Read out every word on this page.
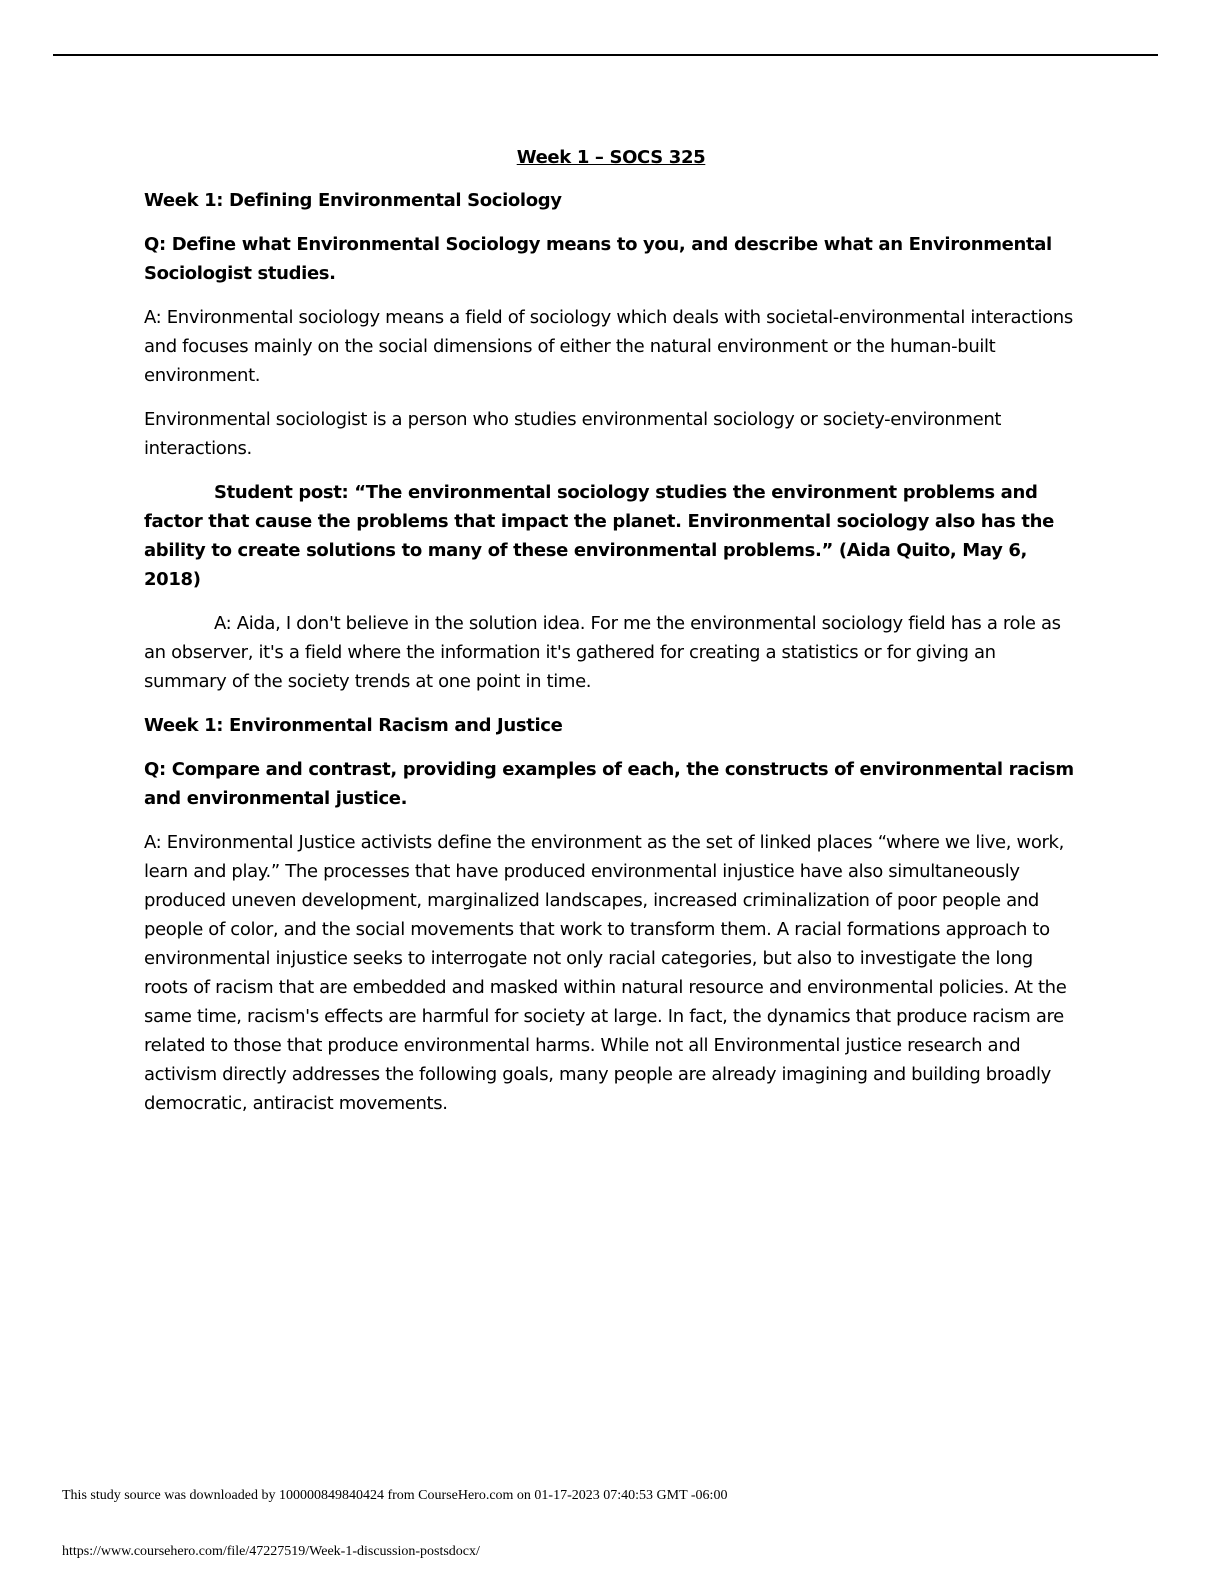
Week 1 – SOCS 325
Week 1: Defining Environmental Sociology
Q: Define what Environmental Sociology means to you, and describe what an Environmental Sociologist studies.
A: Environmental sociology means a field of sociology which deals with societal-environmental interactions and focuses mainly on the social dimensions of either the natural environment or the human-built environment.
Environmental sociologist is a person who studies environmental sociology or society-environment interactions.
Student post: “The environmental sociology studies the environment problems and factor that cause the problems that impact the planet. Environmental sociology also has the ability to create solutions to many of these environmental problems.” (Aida Quito, May 6, 2018)
A: Aida, I don't believe in the solution idea. For me the environmental sociology field has a role as an observer, it's a field where the information it's gathered for creating a statistics or for giving an summary of the society trends at one point in time.
Week 1: Environmental Racism and Justice
Q: Compare and contrast, providing examples of each, the constructs of environmental racism and environmental justice.
A: Environmental Justice activists define the environment as the set of linked places “where we live, work, learn and play.” The processes that have produced environmental injustice have also simultaneously produced uneven development, marginalized landscapes, increased criminalization of poor people and people of color, and the social movements that work to transform them. A racial formations approach to environmental injustice seeks to interrogate not only racial categories, but also to investigate the long roots of racism that are embedded and masked within natural resource and environmental policies. At the same time, racism's effects are harmful for society at large. In fact, the dynamics that produce racism are related to those that produce environmental harms. While not all Environmental justice research and activism directly addresses the following goals, many people are already imagining and building broadly democratic, antiracist movements.
This study source was downloaded by 100000849840424 from CourseHero.com on 01-17-2023 07:40:53 GMT -06:00
https://www.coursehero.com/file/47227519/Week-1-discussion-postsdocx/
